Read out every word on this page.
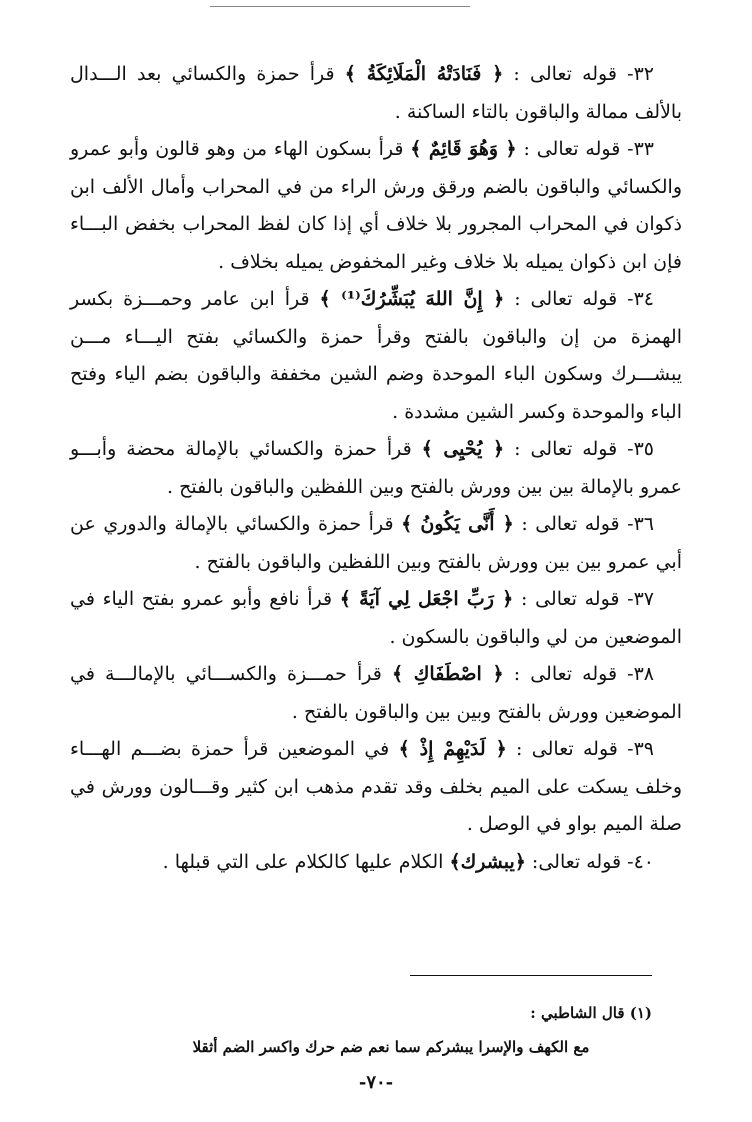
٣٢- قوله تعالى : ﴿ فَنَادَتْهُ الْمَلَائِكَةُ ﴾ قرأ حمزة والكسائي بعد الـــدال بالألف ممالة والباقون بالتاء الساكنة .

٣٣- قوله تعالى : ﴿ وَهُوَ قَائِمٌ ﴾ قرأ بسكون الهاء من وهو قالون وأبو عمرو والكسائي والباقون بالضم ورقق ورش الراء من في المحراب وأمال الألف ابن ذكوان في المحراب المجرور بلا خلاف أي إذا كان لفظ المحراب بخفض البـــاء فإن ابن ذكوان يميله بلا خلاف وغير المخفوض يميله بخلاف .

٣٤- قوله تعالى : ﴿ إِنَّ اللهَ يُبَشِّرُكَ⁽¹⁾ ﴾ قرأ ابن عامر وحمـــزة بكسر الهمزة من إن والباقون بالفتح وقرأ حمزة والكسائي بفتح اليـــاء مـــن يبشـــرك وسكون الباء الموحدة وضم الشين مخففة والباقون بضم الياء وفتح الباء والموحدة وكسر الشين مشددة .

٣٥- قوله تعالى : ﴿ يُحْيِى ﴾ قرأ حمزة والكسائي بالإمالة محضة وأبـــو عمرو بالإمالة بين بين وورش بالفتح وبين اللفظين والباقون بالفتح .

٣٦- قوله تعالى : ﴿ أَنَّى يَكُونُ ﴾ قرأ حمزة والكسائي بالإمالة والدوري عن أبي عمرو بين بين وورش بالفتح وبين اللفظين والباقون بالفتح .

٣٧- قوله تعالى : ﴿ رَبِّ اجْعَل لِي آيَةً ﴾ قرأ نافع وأبو عمرو بفتح الياء في الموضعين من لي والباقون بالسكون .

٣٨- قوله تعالى : ﴿ اصْطَفَاكِ ﴾ قرأ حمـــزة والكســـائي بالإمالـــة في الموضعين وورش بالفتح وبين بين والباقون بالفتح .

٣٩- قوله تعالى : ﴿ لَدَيْهِمْ إِذْ ﴾ في الموضعين قرأ حمزة بضـــم الهـــاء وخلف يسكت على الميم بخلف وقد تقدم مذهب ابن كثير وقـــالون وورش في صلة الميم بواو في الوصل .

٤٠- قوله تعالى: ﴿يبشرك﴾ الكلام عليها كالكلام على التي قبلها .

(١) قال الشاطبي :

مع الكهف والإسرا يبشركم سما نعم ضم حرك واكسر الضم أثقلا

-٧٠-
